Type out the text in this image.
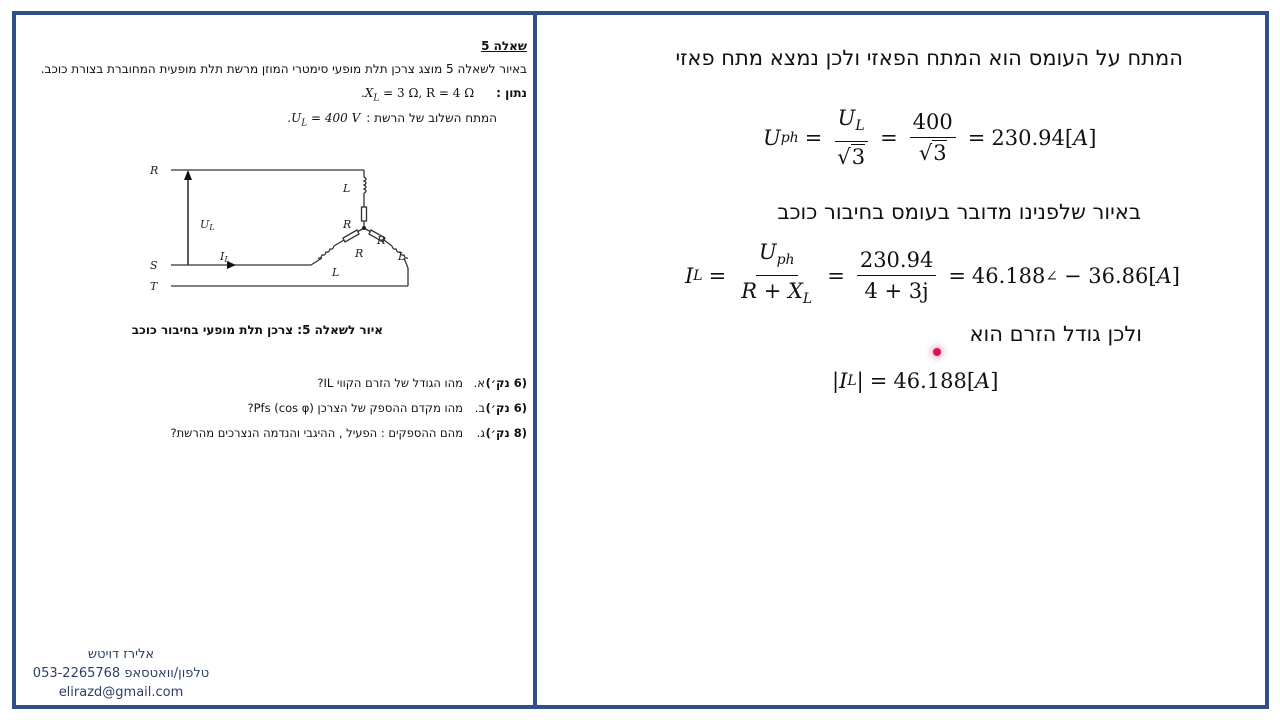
שאלה 5
באיור לשאלה 5 מוצג צרכן תלת מופעי סימטרי המוזן מרשת תלת מופעית המחוברת בצורת כוכב.
נתון :
$.X_L = 3$ Ω, R = 4 Ω
המתח השלוב של הרשת :
$.U_L = 400$ V
R
S
T
UL
IL
L
R
R
R
L
L
איור לשאלה 5: צרכן תלת מופעי בחיבור כוכב
(6 נק׳)
א.
מהו הגודל של הזרם הקווי IL?
(6 נק׳)
ב.
מהו מקדם ההספק של הצרכן Pfs (cos φ)?
(8 נק׳)
ג.
מהם ההספקים : הפעיל , ההיגבי והנדמה הנצרכים מהרשת?
אלירז דויטש
טלפון/וואטסאפ 053-2265768
elirazd@gmail.com
המתח על העומס הוא המתח הפאזי ולכן נמצא מתח פאזי
U ph = $\frac{U_L}{√3} = \frac{400}{√3} = 230.94$ [A]
באיור שלפנינו מדובר בעומס בחיבור כוכב
I $L = \frac{U_{ph}}{R + X_L} = \frac{230.94}{4 + 3j} = 46.188$ ∠ − 36.86 [A]
ולכן גודל הזרם הוא
|I L | = 46.188 [A]
